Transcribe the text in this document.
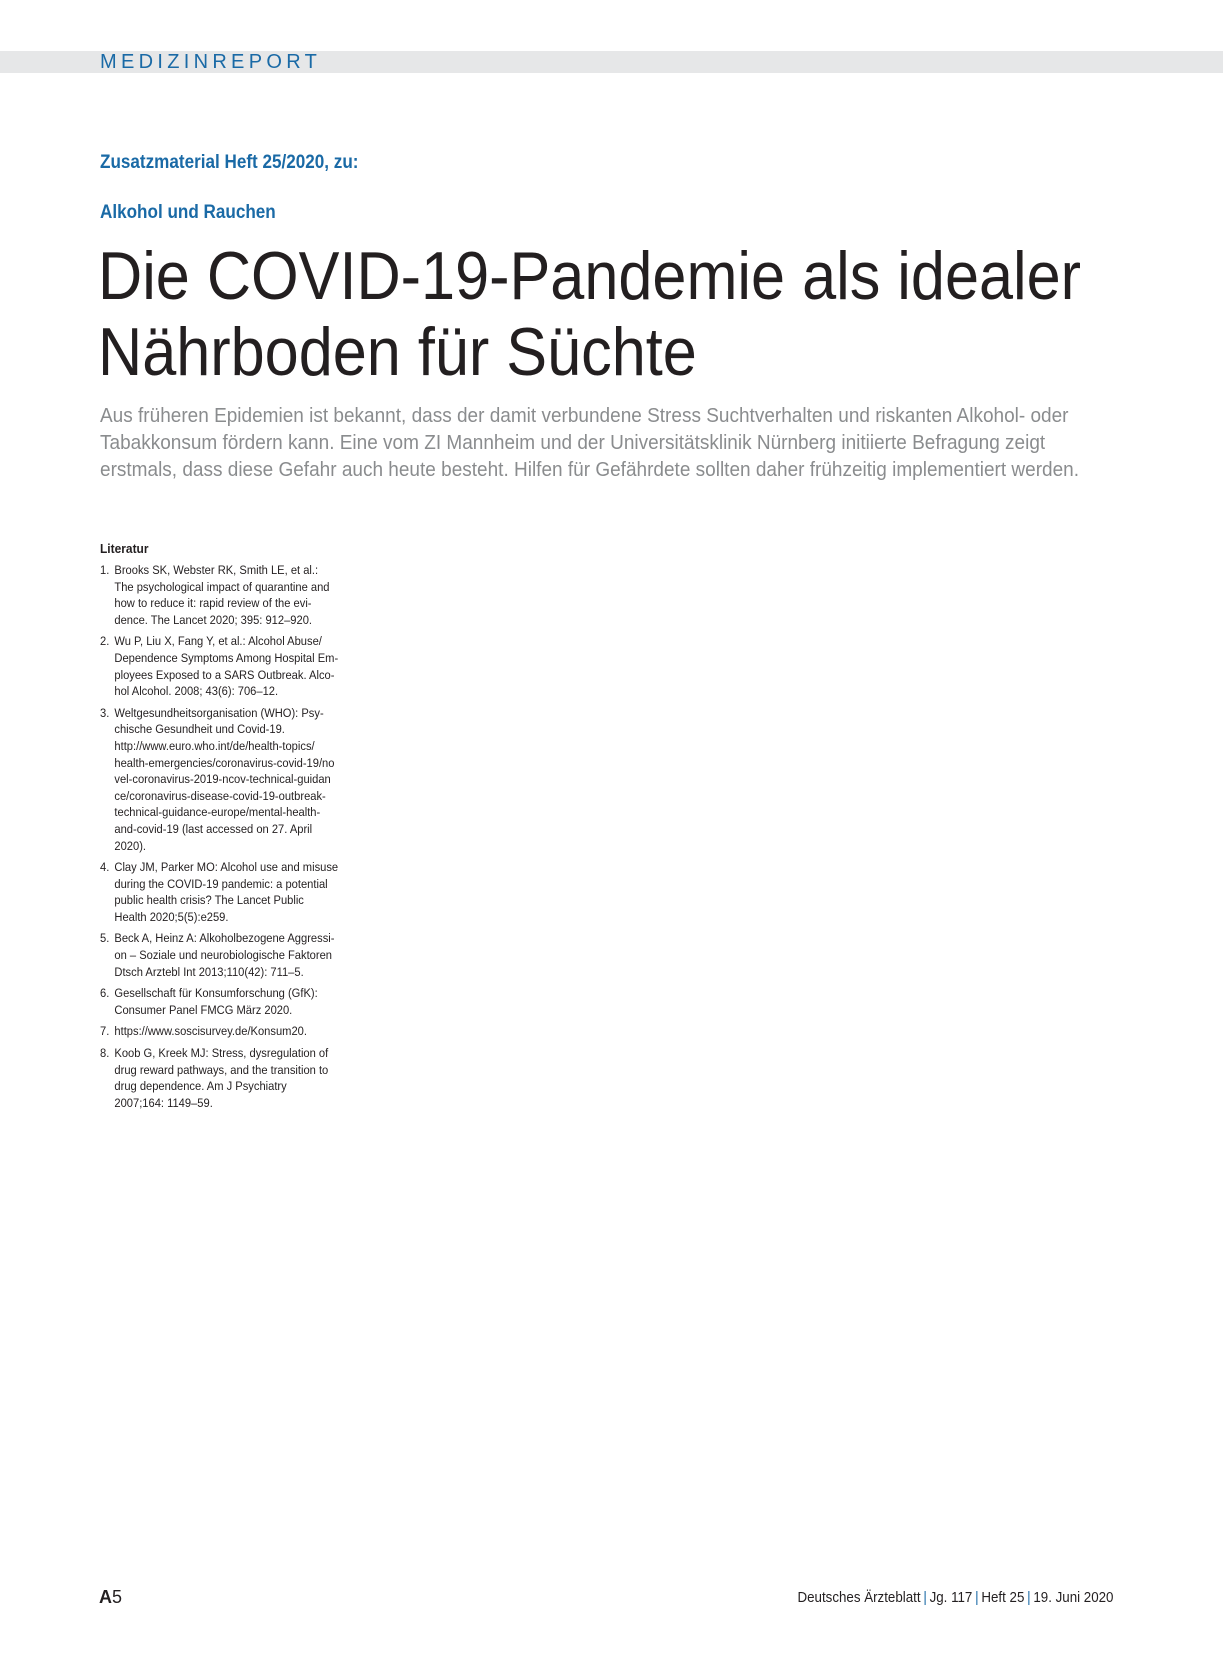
MEDIZINREPORT
Zusatzmaterial Heft 25/2020, zu:
Alkohol und Rauchen
Die COVID-19-Pandemie als idealer
Nährboden für Süchte
Aus früheren Epidemien ist bekannt, dass der damit verbundene Stress Suchtverhalten und riskanten Alkohol- oder
Tabakkonsum fördern kann. Eine vom ZI Mannheim und der Universitätsklinik Nürnberg initiierte Befragung zeigt
erstmals, dass diese Gefahr auch heute besteht. Hilfen für Gefährdete sollten daher frühzeitig implementiert werden.
Literatur
1. Brooks SK, Webster RK, Smith LE, et al.:
The psychological impact of quarantine and
how to reduce it: rapid review of the evi-
dence. The Lancet 2020; 395: 912–920.
2. Wu P, Liu X, Fang Y, et al.: Alcohol Abuse/
Dependence Symptoms Among Hospital Em-
ployees Exposed to a SARS Outbreak. Alco-
hol Alcohol. 2008; 43(6): 706–12.
3. Weltgesundheitsorganisation (WHO): Psy-
chische Gesundheit und Covid-19.
http://www.euro.who.int/de/health-topics/
health-emergencies/coronavirus-covid-19/no
vel-coronavirus-2019-ncov-technical-guidan
ce/coronavirus-disease-covid-19-outbreak-
technical-guidance-europe/mental-health-
and-covid-19 (last accessed on 27. April
2020).
4. Clay JM, Parker MO: Alcohol use and misuse
during the COVID-19 pandemic: a potential
public health crisis? The Lancet Public
Health 2020;5(5):e259.
5. Beck A, Heinz A: Alkoholbezogene Aggressi-
on – Soziale und neurobiologische Faktoren
Dtsch Arztebl Int 2013;110(42): 711–5.
6. Gesellschaft für Konsumforschung (GfK):
Consumer Panel FMCG März 2020.
7. https://www.soscisurvey.de/Konsum20.
8. Koob G, Kreek MJ: Stress, dysregulation of
drug reward pathways, and the transition to
drug dependence. Am J Psychiatry
2007;164: 1149–59.
A5	Deutsches Ärzteblatt | Jg. 117 | Heft 25 | 19. Juni 2020
